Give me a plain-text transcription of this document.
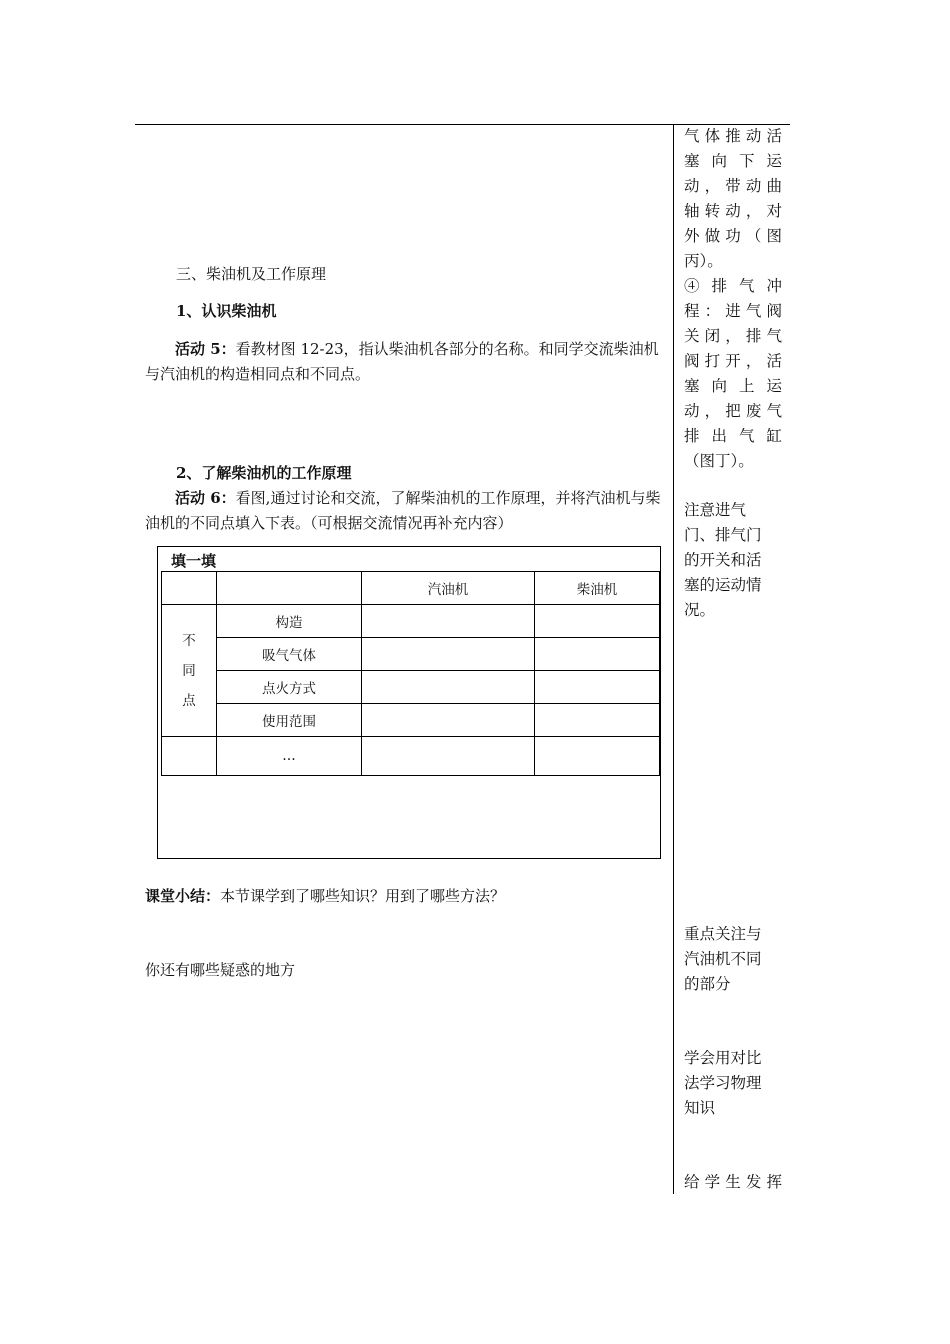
三、柴油机及工作原理
1、认识柴油机
活动 5：看教材图 12-23，指认柴油机各部分的名称。和同学交流柴油机与汽油机的构造相同点和不同点。
2、了解柴油机的工作原理
活动 6：看图,通过讨论和交流，了解柴油机的工作原理，并将汽油机与柴油机的不同点填入下表。（可根据交流情况再补充内容）
填一填
		汽油机	柴油机

不
同
点	构造		
	吸气气体		
	点火方式		
	使用范围		
	…		
课堂小结：本节课学到了哪些知识？用到了哪些方法？
你还有哪些疑惑的地方
气体推动活
塞 向 下 运
动，带动曲
轴转动，对
外做功（图
丙）。
④ 排 气 冲
程：进气阀
关闭，排气
阀打开，活
塞 向 上 运
动，把废气
排 出 气 缸
（图丁）。
注意进气
门、排气门
的开关和活
塞的运动情
况。
重点关注与
汽油机不同
的部分
学会用对比
法学习物理
知识
给 学 生 发 挥
